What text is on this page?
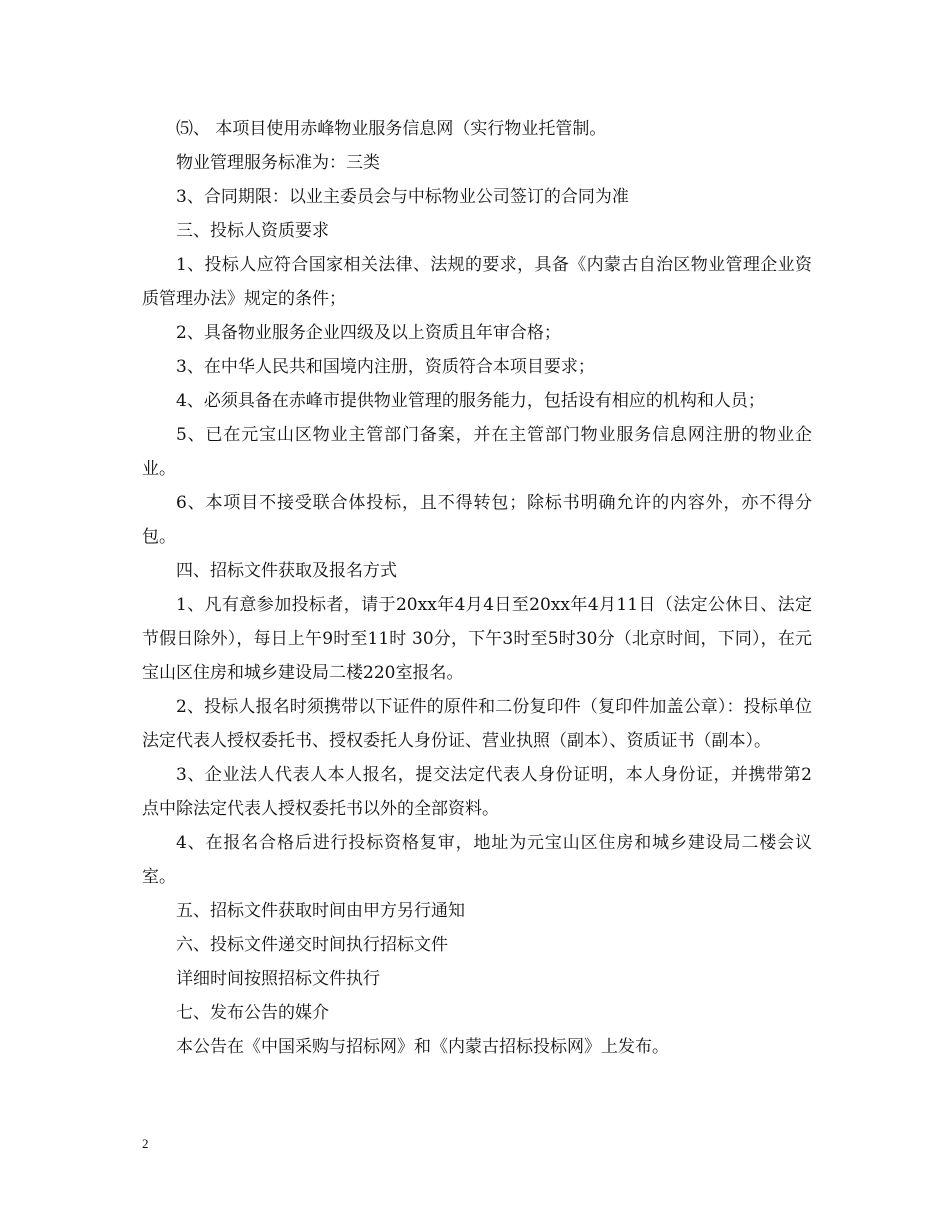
⑸、 本项目使用赤峰物业服务信息网（实行物业托管制。

物业管理服务标准为：三类

3、合同期限：以业主委员会与中标物业公司签订的合同为准

三、投标人资质要求

1、投标人应符合国家相关法律、法规的要求，具备《内蒙古自治区物业管理企业资质管理办法》规定的条件；

2、具备物业服务企业四级及以上资质且年审合格；

3、在中华人民共和国境内注册，资质符合本项目要求；

4、必须具备在赤峰市提供物业管理的服务能力，包括设有相应的机构和人员；

5、已在元宝山区物业主管部门备案，并在主管部门物业服务信息网注册的物业企业。

6、本项目不接受联合体投标，且不得转包；除标书明确允许的内容外，亦不得分包。

四、招标文件获取及报名方式

1、凡有意参加投标者，请于20xx年4月4日至20xx年4月11日（法定公休日、法定节假日除外），每日上午9时至11时 30分，下午3时至5时30分（北京时间，下同），在元宝山区住房和城乡建设局二楼220室报名。

2、投标人报名时须携带以下证件的原件和二份复印件（复印件加盖公章）：投标单位法定代表人授权委托书、授权委托人身份证、营业执照（副本）、资质证书（副本）。

3、企业法人代表人本人报名，提交法定代表人身份证明，本人身份证，并携带第2 点中除法定代表人授权委托书以外的全部资料。

4、在报名合格后进行投标资格复审，地址为元宝山区住房和城乡建设局二楼会议室。

五、招标文件获取时间由甲方另行通知

六、投标文件递交时间执行招标文件

详细时间按照招标文件执行

七、发布公告的媒介

本公告在《中国采购与招标网》和《内蒙古招标投标网》上发布。

2
